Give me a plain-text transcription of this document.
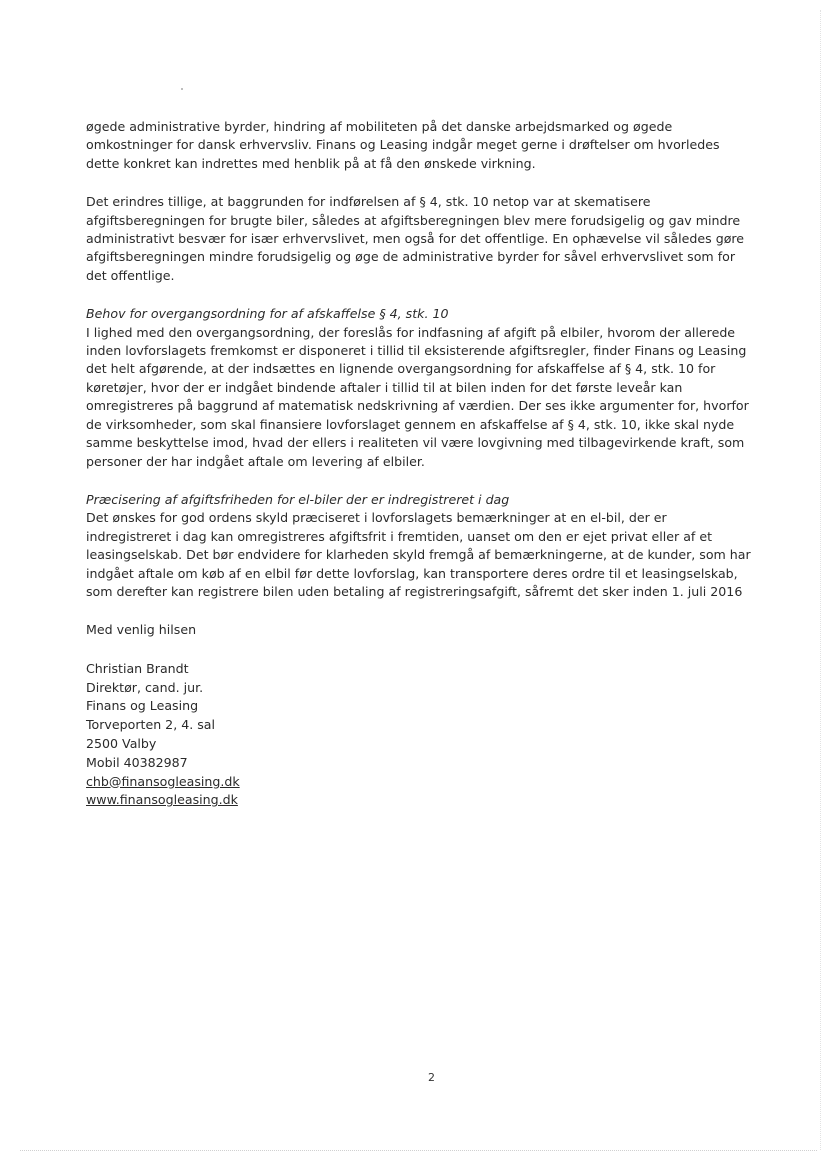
øgede administrative byrder, hindring af mobiliteten på det danske arbejdsmarked og øgede omkostninger for dansk erhvervsliv. Finans og Leasing indgår meget gerne i drøftelser om hvorledes dette konkret kan indrettes med henblik på at få den ønskede virkning.

Det erindres tillige, at baggrunden for indførelsen af § 4, stk. 10 netop var at skematisere afgiftsberegningen for brugte biler, således at afgiftsberegningen blev mere forudsigelig og gav mindre administrativt besvær for især erhvervslivet, men også for det offentlige. En ophævelse vil således gøre afgiftsberegningen mindre forudsigelig og øge de administrative byrder for såvel erhvervslivet som for det offentlige.

Behov for overgangsordning for af afskaffelse § 4, stk. 10

I lighed med den overgangsordning, der foreslås for indfasning af afgift på elbiler, hvorom der allerede inden lovforslagets fremkomst er disponeret i tillid til eksisterende afgiftsregler, finder Finans og Leasing det helt afgørende, at der indsættes en lignende overgangsordning for afskaffelse af § 4, stk. 10 for køretøjer, hvor der er indgået bindende aftaler i tillid til at bilen inden for det første leveår kan omregistreres på baggrund af matematisk nedskrivning af værdien. Der ses ikke argumenter for, hvorfor de virksomheder, som skal finansiere lovforslaget gennem en afskaffelse af § 4, stk. 10, ikke skal nyde samme beskyttelse imod, hvad der ellers i realiteten vil være lovgivning med tilbagevirkende kraft, som personer der har indgået aftale om levering af elbiler.

Præcisering af afgiftsfriheden for el-biler der er indregistreret i dag

Det ønskes for god ordens skyld præciseret i lovforslagets bemærkninger at en el-bil, der er indregistreret i dag kan omregistreres afgiftsfrit i fremtiden, uanset om den er ejet privat eller af et leasingselskab. Det bør endvidere for klarheden skyld fremgå af bemærkningerne, at de kunder, som har indgået aftale om køb af en elbil før dette lovforslag, kan transportere deres ordre til et leasingselskab, som derefter kan registrere bilen uden betaling af registreringsafgift, såfremt det sker inden 1. juli 2016

Med venlig hilsen

Christian Brandt
Direktør, cand. jur.
Finans og Leasing
Torveporten 2, 4. sal
2500 Valby
Mobil 40382987
chb@finansogleasing.dk
www.finansogleasing.dk
2
